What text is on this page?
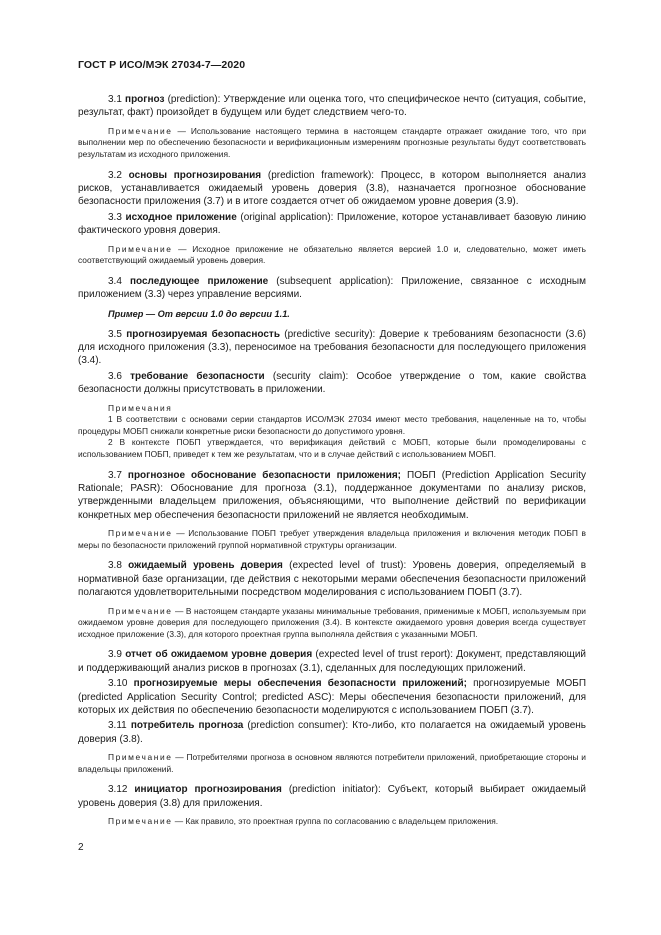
ГОСТ Р ИСО/МЭК 27034-7—2020

3.1 прогноз (prediction): Утверждение или оценка того, что специфическое нечто (ситуация, событие, результат, факт) произойдет в будущем или будет следствием чего-то.

Примечание — Использование настоящего термина в настоящем стандарте отражает ожидание того, что при выполнении мер по обеспечению безопасности и верификационным измерениям прогнозные результаты будут соответствовать результатам из исходного приложения.

3.2 основы прогнозирования (prediction framework): Процесс, в котором выполняется анализ рисков, устанавливается ожидаемый уровень доверия (3.8), назначается прогнозное обоснование безопасности приложения (3.7) и в итоге создается отчет об ожидаемом уровне доверия (3.9).

3.3 исходное приложение (original application): Приложение, которое устанавливает базовую линию фактического уровня доверия.

Примечание — Исходное приложение не обязательно является версией 1.0 и, следовательно, может иметь соответствующий ожидаемый уровень доверия.

3.4 последующее приложение (subsequent application): Приложение, связанное с исходным приложением (3.3) через управление версиями.

Пример — От версии 1.0 до версии 1.1.

3.5 прогнозируемая безопасность (predictive security): Доверие к требованиям безопасности (3.6) для исходного приложения (3.3), переносимое на требования безопасности для последующего приложения (3.4).

3.6 требование безопасности (security claim): Особое утверждение о том, какие свойства безопасности должны присутствовать в приложении.

Примечания

1 В соответствии с основами серии стандартов ИСО/МЭК 27034 имеют место требования, нацеленные на то, чтобы процедуры МОБП снижали конкретные риски безопасности до допустимого уровня.

2 В контексте ПОБП утверждается, что верификация действий с МОБП, которые были промоделированы с использованием ПОБП, приведет к тем же результатам, что и в случае действий с использованием МОБП.

3.7 прогнозное обоснование безопасности приложения; ПОБП (Prediction Application Security Rationale; PASR): Обоснование для прогноза (3.1), поддержанное документами по анализу рисков, утвержденными владельцем приложения, объясняющими, что выполнение действий по верификации конкретных мер обеспечения безопасности приложений не является необходимым.

Примечание — Использование ПОБП требует утверждения владельца приложения и включения методик ПОБП в меры по безопасности приложений группой нормативной структуры организации.

3.8 ожидаемый уровень доверия (expected level of trust): Уровень доверия, определяемый в нормативной базе организации, где действия с некоторыми мерами обеспечения безопасности приложений полагаются удовлетворительными посредством моделирования с использованием ПОБП (3.7).

Примечание — В настоящем стандарте указаны минимальные требования, применимые к МОБП, используемым при ожидаемом уровне доверия для последующего приложения (3.4). В контексте ожидаемого уровня доверия всегда существует исходное приложение (3.3), для которого проектная группа выполняла действия с указанными МОБП.

3.9 отчет об ожидаемом уровне доверия (expected level of trust report): Документ, представляющий и поддерживающий анализ рисков в прогнозах (3.1), сделанных для последующих приложений.

3.10 прогнозируемые меры обеспечения безопасности приложений; прогнозируемые МОБП (predicted Application Security Control; predicted ASC): Меры обеспечения безопасности приложений, для которых их действия по обеспечению безопасности моделируются с использованием ПОБП (3.7).

3.11 потребитель прогноза (prediction consumer): Кто-либо, кто полагается на ожидаемый уровень доверия (3.8).

Примечание — Потребителями прогноза в основном являются потребители приложений, приобретающие стороны и владельцы приложений.

3.12 инициатор прогнозирования (prediction initiator): Субъект, который выбирает ожидаемый уровень доверия (3.8) для приложения.

Примечание — Как правило, это проектная группа по согласованию с владельцем приложения.

2
